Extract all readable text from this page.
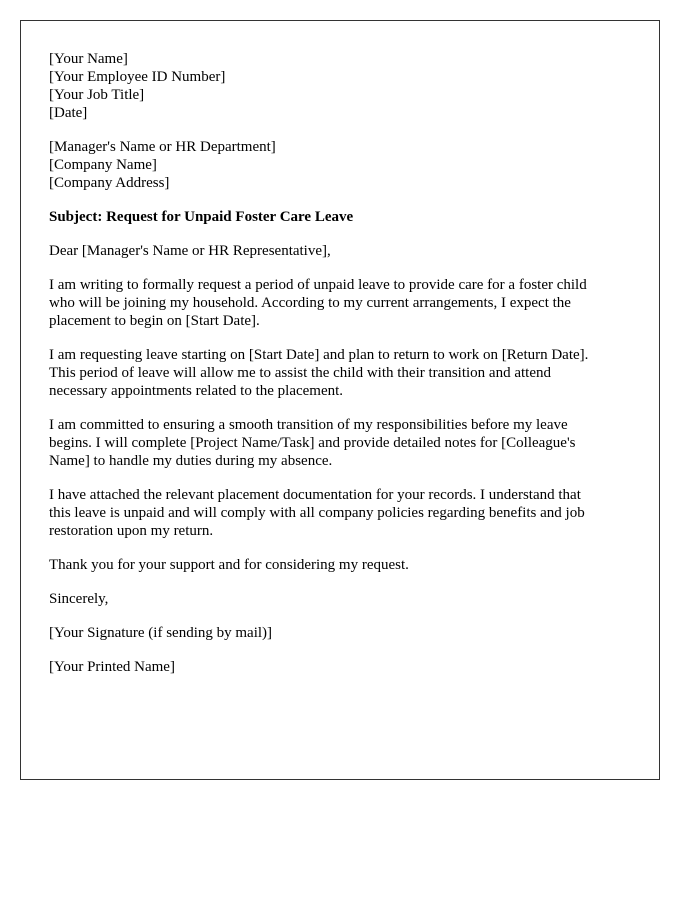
[Your Name]
[Your Employee ID Number]
[Your Job Title]
[Date]
[Manager's Name or HR Department]
[Company Name]
[Company Address]

Subject: Request for Unpaid Foster Care Leave

Dear [Manager's Name or HR Representative],

I am writing to formally request a period of unpaid leave to provide care for a foster child
who will be joining my household. According to my current arrangements, I expect the
placement to begin on [Start Date].

I am requesting leave starting on [Start Date] and plan to return to work on [Return Date].
This period of leave will allow me to assist the child with their transition and attend
necessary appointments related to the placement.

I am committed to ensuring a smooth transition of my responsibilities before my leave
begins. I will complete [Project Name/Task] and provide detailed notes for [Colleague's
Name] to handle my duties during my absence.

I have attached the relevant placement documentation for your records. I understand that
this leave is unpaid and will comply with all company policies regarding benefits and job
restoration upon my return.

Thank you for your support and for considering my request.

Sincerely,

[Your Signature (if sending by mail)]

[Your Printed Name]
